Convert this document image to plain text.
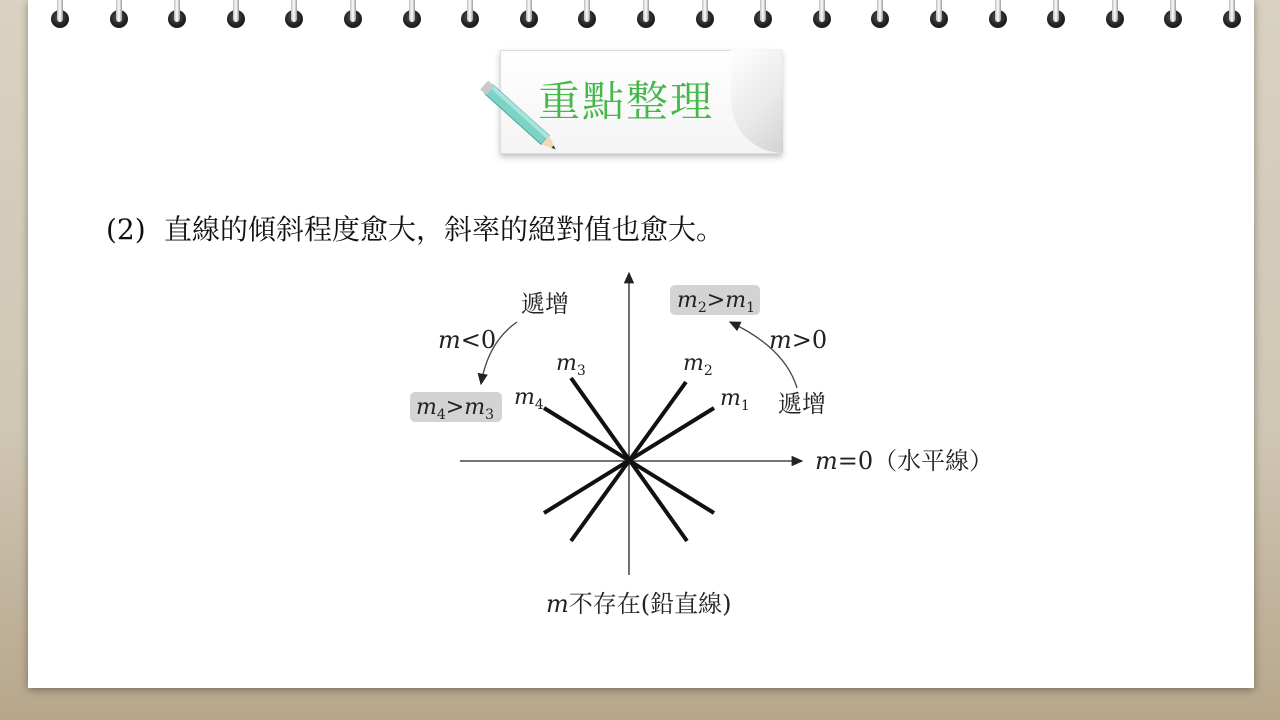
重點整理
(2) 直線的傾斜程度愈大，斜率的絕對值也愈大。
$m_1$
$m_2$
$m_3$
$m_4$
$m_2>m_1$
m>0
遞增
遞增
m<0
$m_4>m_3$
m=0（水平線）
m不存在(鉛直線)
